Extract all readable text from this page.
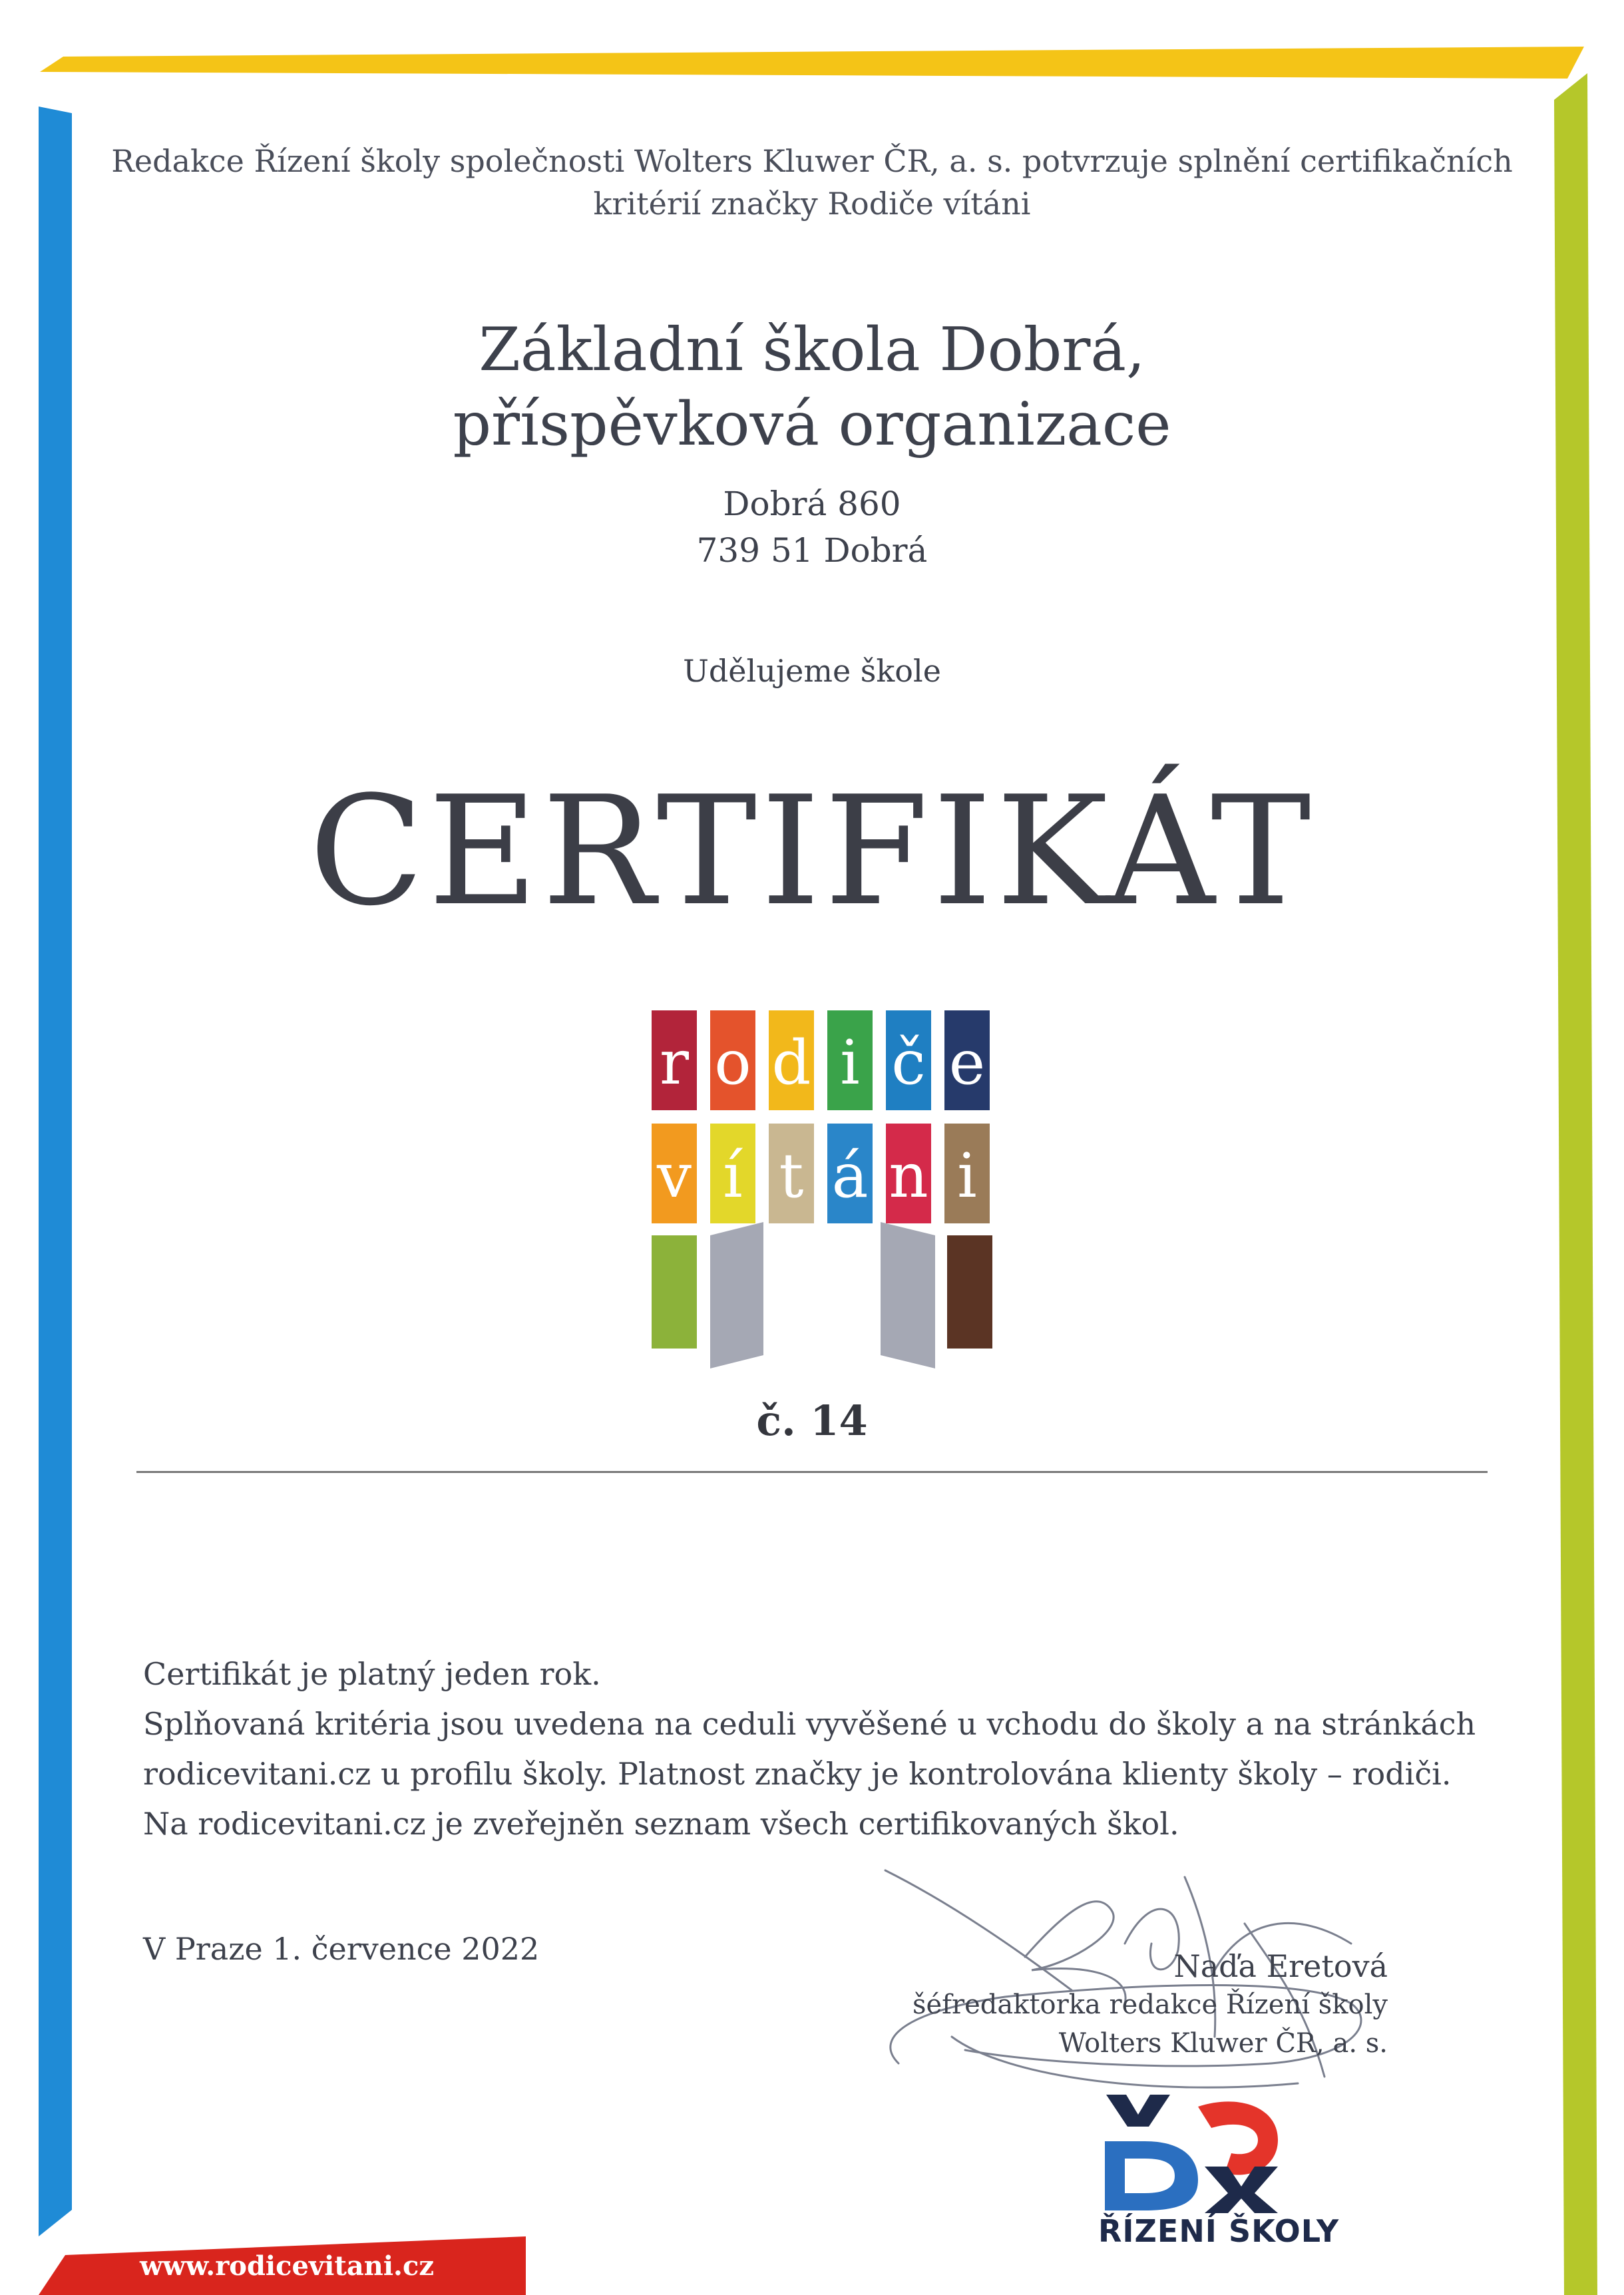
Redakce Řízení školy společnosti Wolters Kluwer ČR, a. s. potvrzuje splnění certifikačních
kritérií značky Rodiče vítáni
Základní škola Dobrá,
příspěvková organizace
Dobrá 860
739 51 Dobrá
Udělujeme škole
CERTIFIKÁT
r o d i č e
v í t á n i
č. 14
Certifikát je platný jeden rok.
Splňovaná kritéria jsou uvedena na ceduli vyvěšené u vchodu do školy a na stránkách
rodicevitani.cz u profilu školy. Platnost značky je kontrolována klienty školy – rodiči.
Na rodicevitani.cz je zveřejněn seznam všech certifikovaných škol.
V Praze 1. července 2022	Naďa Eretová
šéfredaktorka redakce Řízení školy
Wolters Kluwer ČR, a. s.
ŘÍZENÍ ŠKOLY
www.rodicevitani.cz
